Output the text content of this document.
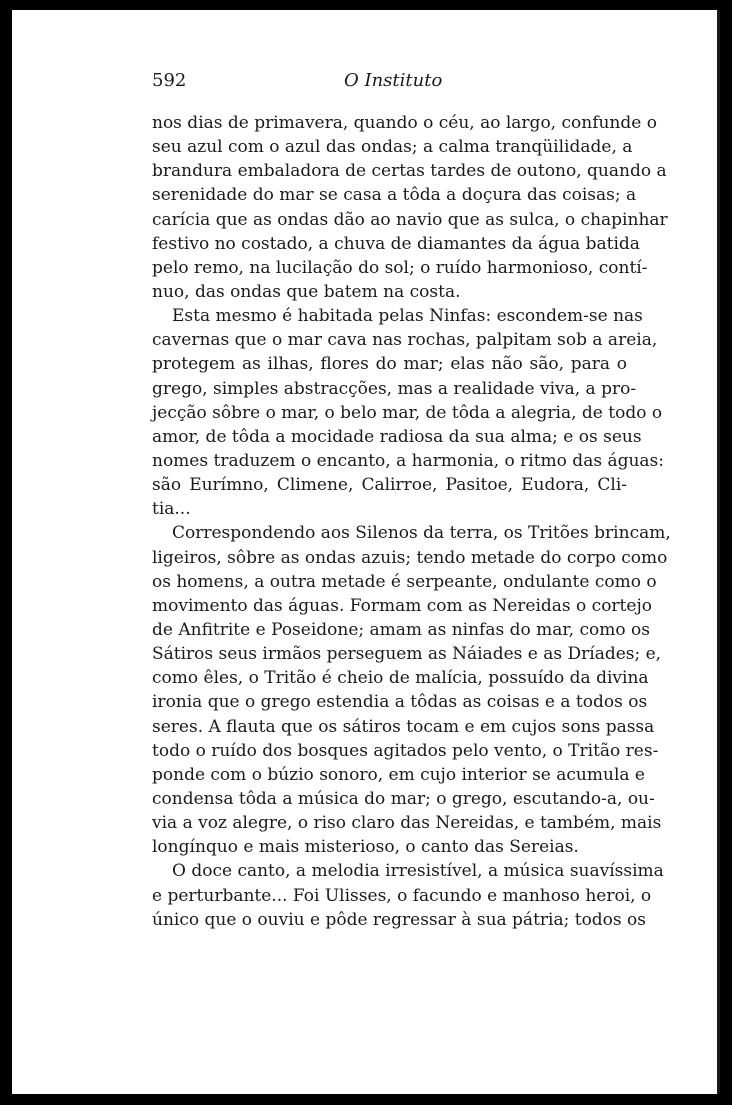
592	O Instituto
nos dias de primavera, quando o céu, ao largo, confunde o
seu azul com o azul das ondas; a calma tranqüilidade, a
brandura embaladora de certas tardes de outono, quando a
serenidade do mar se casa a tôda a doçura das coisas; a
carícia que as ondas dão ao navio que as sulca, o chapinhar
festivo no costado, a chuva de diamantes da água batida
pelo remo, na lucilação do sol; o ruído harmonioso, contí-
nuo, das ondas que batem na costa.
Esta mesmo é habitada pelas Ninfas: escondem-se nas
cavernas que o mar cava nas rochas, palpitam sob a areia,
protegem as ilhas, flores do mar; elas não são, para o
grego, simples abstracções, mas a realidade viva, a pro-
jecção sôbre o mar, o belo mar, de tôda a alegria, de todo o
amor, de tôda a mocidade radiosa da sua alma; e os seus
nomes traduzem o encanto, a harmonia, o ritmo das águas:
são Eurímno, Climene, Calirroe, Pasitoe, Eudora, Cli-
tia...
Correspondendo aos Silenos da terra, os Tritões brincam,
ligeiros, sôbre as ondas azuis; tendo metade do corpo como
os homens, a outra metade é serpeante, ondulante como o
movimento das águas. Formam com as Nereidas o cortejo
de Anfitrite e Poseidone; amam as ninfas do mar, como os
Sátiros seus irmãos perseguem as Náiades e as Dríades; e,
como êles, o Tritão é cheio de malícia, possuído da divina
ironia que o grego estendia a tôdas as coisas e a todos os
seres. A flauta que os sátiros tocam e em cujos sons passa
todo o ruído dos bosques agitados pelo vento, o Tritão res-
ponde com o búzio sonoro, em cujo interior se acumula e
condensa tôda a música do mar; o grego, escutando-a, ou-
via a voz alegre, o riso claro das Nereidas, e também, mais
longínquo e mais misterioso, o canto das Sereias.
O doce canto, a melodia irresistível, a música suavíssima
e perturbante... Foi Ulisses, o facundo e manhoso heroi, o
único que o ouviu e pôde regressar à sua pátria; todos os
